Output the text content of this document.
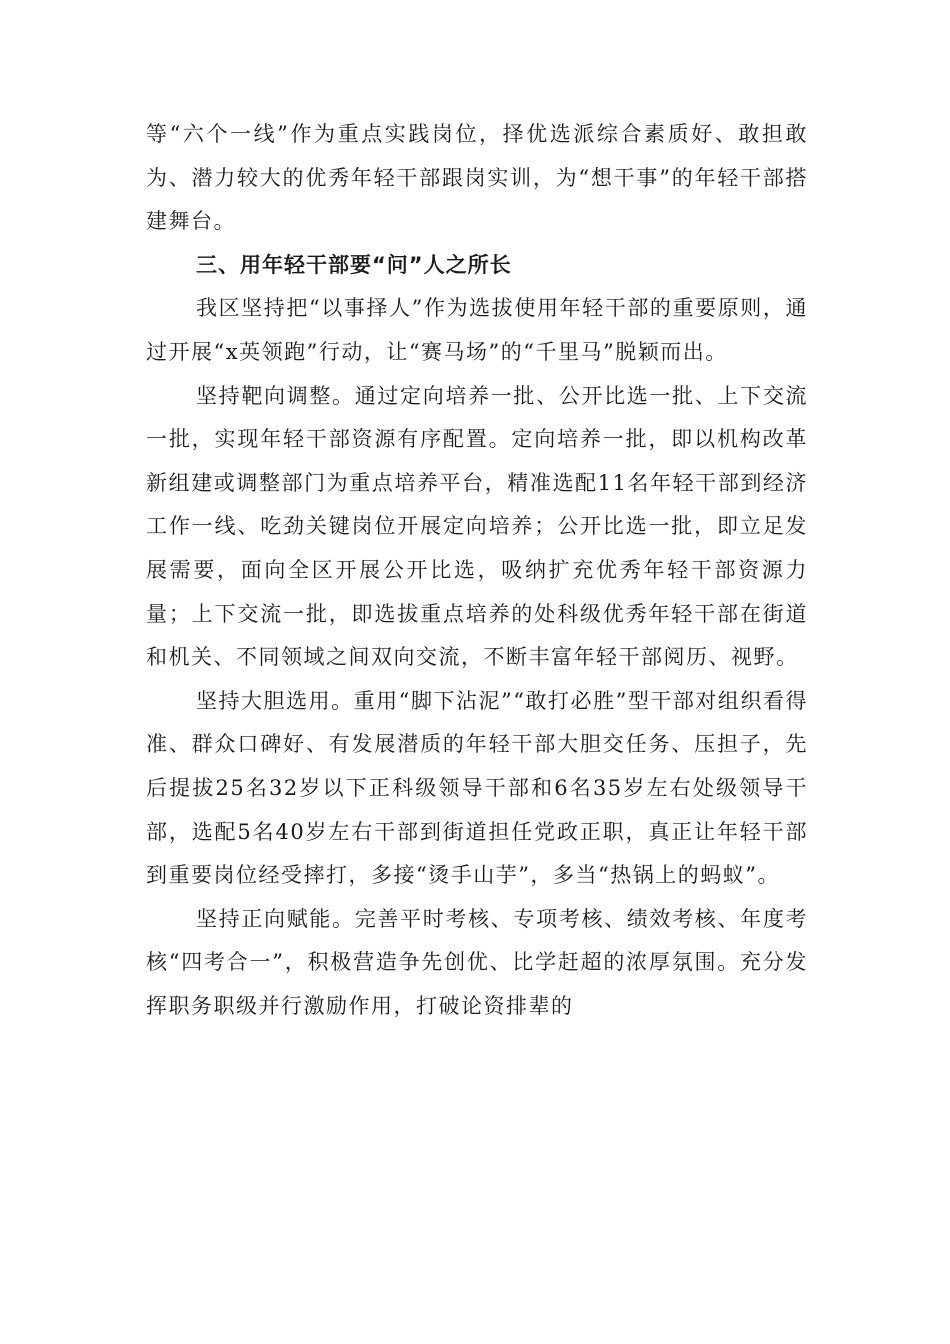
等“六个一线”作为重点实践岗位，择优选派综合素质好、敢担敢为、潜力较大的优秀年轻干部跟岗实训，为“想干事”的年轻干部搭建舞台。

三、用年轻干部要“问”人之所长

我区坚持把“以事择人”作为选拔使用年轻干部的重要原则，通过开展“x英领跑”行动，让“赛马场”的“千里马”脱颖而出。

坚持靶向调整。通过定向培养一批、公开比选一批、上下交流一批，实现年轻干部资源有序配置。定向培养一批，即以机构改革新组建或调整部门为重点培养平台，精准选配11名年轻干部到经济工作一线、吃劲关键岗位开展定向培养；公开比选一批，即立足发展需要，面向全区开展公开比选，吸纳扩充优秀年轻干部资源力量；上下交流一批，即选拔重点培养的处科级优秀年轻干部在街道和机关、不同领域之间双向交流，不断丰富年轻干部阅历、视野。

坚持大胆选用。重用“脚下沾泥”“敢打必胜”型干部对组织看得准、群众口碑好、有发展潜质的年轻干部大胆交任务、压担子，先后提拔25名32岁以下正科级领导干部和6名35岁左右处级领导干部，选配5名40岁左右干部到街道担任党政正职，真正让年轻干部到重要岗位经受摔打，多接“烫手山芋”，多当“热锅上的蚂蚁”。

坚持正向赋能。完善平时考核、专项考核、绩效考核、年度考核“四考合一”，积极营造争先创优、比学赶超的浓厚氛围。充分发挥职务职级并行激励作用，打破论资排辈的
